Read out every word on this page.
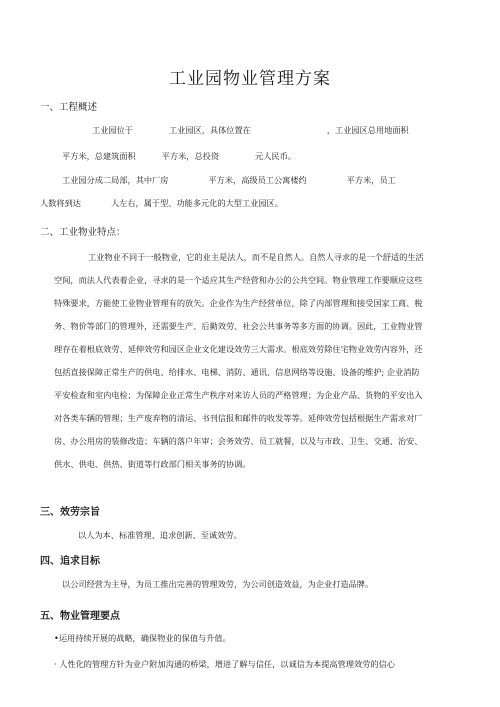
工业园物业管理方案
一、工程概述
工业园位于	工业园区，具体位置在	，工业园区总用地面积
平方米，总建筑面积	平方米，总投资	元人民币。
工业园分成二局部，其中厂房	平方米，高级员工公寓楼约	平方米，员工
人数将到达	人左右，属于型、功能多元化的大型工业园区。
二、工业物业特点：
工业物业不同于一般物业，它的业主是法人，而不是自然人。自然人寻求的是一个舒适的生活
空间，而法人代表着企业，寻求的是一个适应其生产经营和办公的公共空间。物业管理工作要顺应这些
特殊要求，方能使工业物业管理有的放矢。企业作为生产经营单位，除了内部管理和接受国家工商、税
务、物价等部门的管理外，还需要生产、后勤效劳、社会公共事务等多方面的协调。因此，工业物业管
理存在着根底效劳、延伸效劳和园区企业文化建设效劳三大需求。根底效劳除住宅物业效劳内容外，还
包括直接保障正常生产的供电、给排水、电梯、消防、通讯、信息网络等设施、设备的维护; 企业消防
平安检查和室内电检；为保障企业正常生产秩序对来访人员的严格管理；为企业产品、货物的平安出入
对各类车辆的管理；生产废弃物的清运、书刊信报和邮件的收发等等。延伸效劳包括根据生产需求对厂
房、办公用房的装修改造；车辆的落户年审；会务效劳、员工就餐，以及与市政、卫生、交通、治安、
供水、供电、供热、街道等行政部门相关事务的协调。
三、效劳宗旨
以人为本、标准管理、追求创新、至诚效劳。
四、追求目标
以公司经营为主导，为员工推出完善的管理效劳，为公司创造效益，为企业打造品牌。
五、物业管理要点
•运用持续开展的战略，确保物业的保值与升值。
· 人性化的管理方针为业户附加沟通的桥梁，增进了解与信任，以诚信为本提高管理效劳的信心
